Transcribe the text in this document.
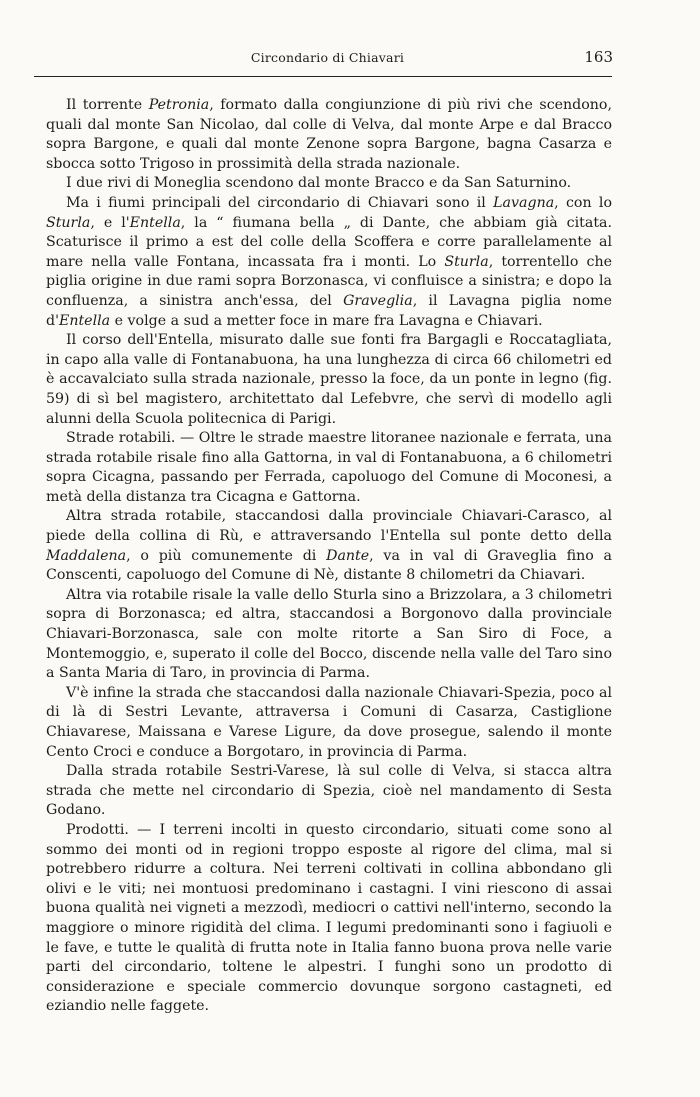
Circondario di Chiavari	163

Il torrente Petronia, formato dalla congiunzione di più rivi che scendono, quali dal monte San Nicolao, dal colle di Velva, dal monte Arpe e dal Bracco sopra Bargone, e quali dal monte Zenone sopra Bargone, bagna Casarza e sbocca sotto Trigoso in prossimità della strada nazionale.

I due rivi di Moneglia scendono dal monte Bracco e da San Saturnino.

Ma i fiumi principali del circondario di Chiavari sono il Lavagna, con lo Sturla, e l'Entella, la “ fiumana bella „ di Dante, che abbiam già citata. Scaturisce il primo a est del colle della Scoffera e corre parallelamente al mare nella valle Fontana, incassata fra i monti. Lo Sturla, torrentello che piglia origine in due rami sopra Borzonasca, vi confluisce a sinistra; e dopo la confluenza, a sinistra anch'essa, del Graveglia, il Lavagna piglia nome d'Entella e volge a sud a metter foce in mare fra Lavagna e Chiavari.

Il corso dell'Entella, misurato dalle sue fonti fra Bargagli e Roccatagliata, in capo alla valle di Fontanabuona, ha una lunghezza di circa 66 chilometri ed è accavalciato sulla strada nazionale, presso la foce, da un ponte in legno (fig. 59) di sì bel magistero, architettato dal Lefebvre, che servì di modello agli alunni della Scuola politecnica di Parigi.

Strade rotabili. — Oltre le strade maestre litoranee nazionale e ferrata, una strada rotabile risale fino alla Gattorna, in val di Fontanabuona, a 6 chilometri sopra Cicagna, passando per Ferrada, capoluogo del Comune di Moconesi, a metà della distanza tra Cicagna e Gattorna.

Altra strada rotabile, staccandosi dalla provinciale Chiavari-Carasco, al piede della collina di Rù, e attraversando l'Entella sul ponte detto della Maddalena, o più comunemente di Dante, va in val di Graveglia fino a Conscenti, capoluogo del Comune di Nè, distante 8 chilometri da Chiavari.

Altra via rotabile risale la valle dello Sturla sino a Brizzolara, a 3 chilometri sopra di Borzonasca; ed altra, staccandosi a Borgonovo dalla provinciale Chiavari-Borzonasca, sale con molte ritorte a San Siro di Foce, a Montemoggio, e, superato il colle del Bocco, discende nella valle del Taro sino a Santa Maria di Taro, in provincia di Parma.

V'è infine la strada che staccandosi dalla nazionale Chiavari-Spezia, poco al di là di Sestri Levante, attraversa i Comuni di Casarza, Castiglione Chiavarese, Maissana e Varese Ligure, da dove prosegue, salendo il monte Cento Croci e conduce a Borgotaro, in provincia di Parma.

Dalla strada rotabile Sestri-Varese, là sul colle di Velva, si stacca altra strada che mette nel circondario di Spezia, cioè nel mandamento di Sesta Godano.

Prodotti. — I terreni incolti in questo circondario, situati come sono al sommo dei monti od in regioni troppo esposte al rigore del clima, mal si potrebbero ridurre a coltura. Nei terreni coltivati in collina abbondano gli olivi e le viti; nei montuosi predominano i castagni. I vini riescono di assai buona qualità nei vigneti a mezzodì, mediocri o cattivi nell'interno, secondo la maggiore o minore rigidità del clima. I legumi predominanti sono i fagiuoli e le fave, e tutte le qualità di frutta note in Italia fanno buona prova nelle varie parti del circondario, toltene le alpestri. I funghi sono un prodotto di considerazione e speciale commercio dovunque sorgono castagneti, ed eziandio nelle faggete.
